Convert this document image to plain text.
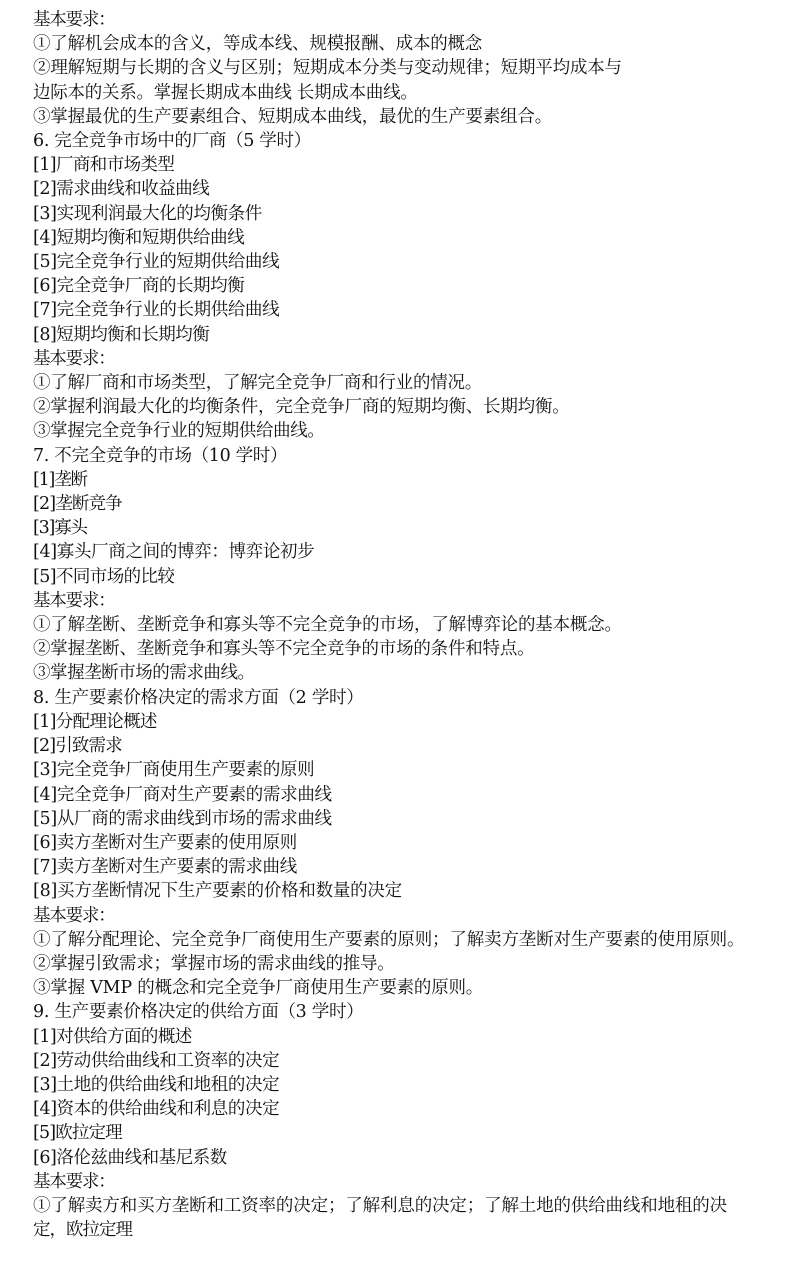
基本要求：
①了解机会成本的含义，等成本线、规模报酬、成本的概念
②理解短期与长期的含义与区别；短期成本分类与变动规律；短期平均成本与
边际本的关系。掌握长期成本曲线 长期成本曲线。
③掌握最优的生产要素组合、短期成本曲线，最优的生产要素组合。
6. 完全竞争市场中的厂商（5 学时）
[1]厂商和市场类型
[2]需求曲线和收益曲线
[3]实现利润最大化的均衡条件
[4]短期均衡和短期供给曲线
[5]完全竞争行业的短期供给曲线
[6]完全竞争厂商的长期均衡
[7]完全竞争行业的长期供给曲线
[8]短期均衡和长期均衡
基本要求：
①了解厂商和市场类型，了解完全竞争厂商和行业的情况。
②掌握利润最大化的均衡条件，完全竞争厂商的短期均衡、长期均衡。
③掌握完全竞争行业的短期供给曲线。
7. 不完全竞争的市场（10 学时）
[1]垄断
[2]垄断竞争
[3]寡头
[4]寡头厂商之间的博弈：博弈论初步
[5]不同市场的比较
基本要求：
①了解垄断、垄断竞争和寡头等不完全竞争的市场，了解博弈论的基本概念。
②掌握垄断、垄断竞争和寡头等不完全竞争的市场的条件和特点。
③掌握垄断市场的需求曲线。
8. 生产要素价格决定的需求方面（2 学时）
[1]分配理论概述
[2]引致需求
[3]完全竞争厂商使用生产要素的原则
[4]完全竞争厂商对生产要素的需求曲线
[5]从厂商的需求曲线到市场的需求曲线
[6]卖方垄断对生产要素的使用原则
[7]卖方垄断对生产要素的需求曲线
[8]买方垄断情况下生产要素的价格和数量的决定
基本要求：
①了解分配理论、完全竞争厂商使用生产要素的原则；了解卖方垄断对生产要素的使用原则。
②掌握引致需求；掌握市场的需求曲线的推导。
③掌握 VMP 的概念和完全竞争厂商使用生产要素的原则。
9. 生产要素价格决定的供给方面（3 学时）
[1]对供给方面的概述
[2]劳动供给曲线和工资率的决定
[3]土地的供给曲线和地租的决定
[4]资本的供给曲线和利息的决定
[5]欧拉定理
[6]洛伦兹曲线和基尼系数
基本要求：
①了解卖方和买方垄断和工资率的决定；了解利息的决定；了解土地的供给曲线和地租的决
定，欧拉定理
